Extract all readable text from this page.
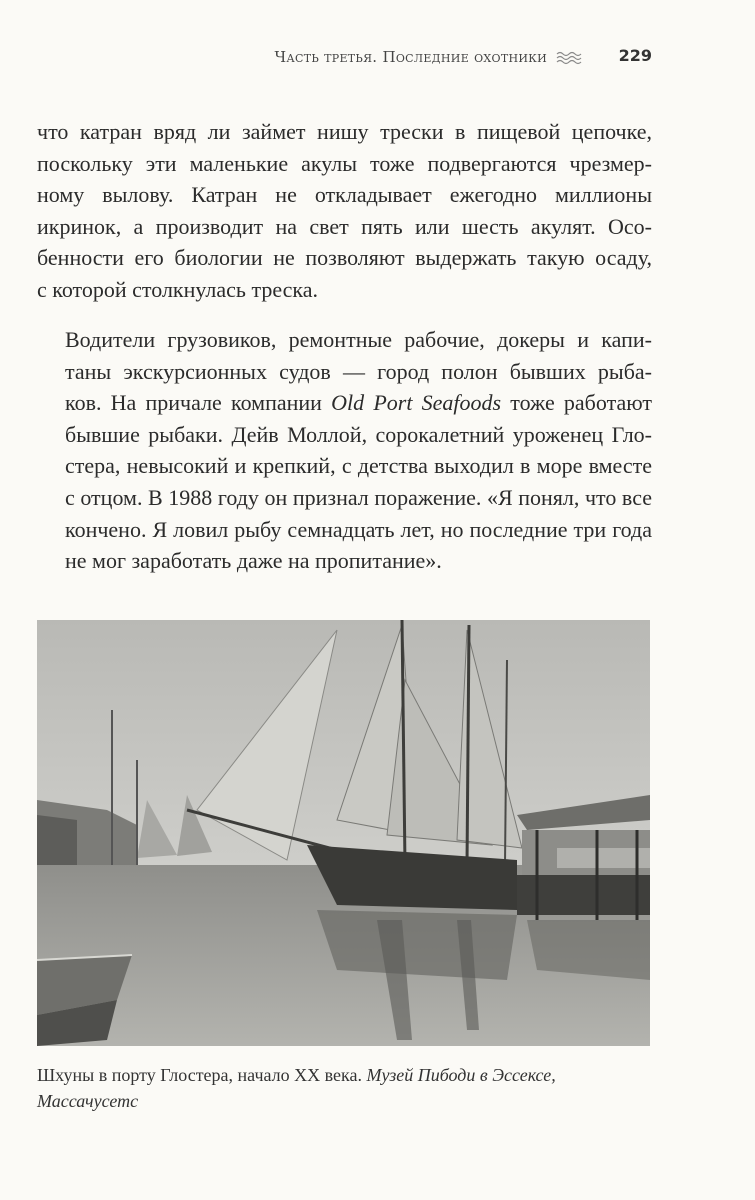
Часть третья. Последние охотники	229

что катран вряд ли займет нишу трески в пищевой цепочке,
поскольку эти маленькие акулы тоже подвергаются чрезмер-
ному вылову. Катран не откладывает ежегодно миллионы
икринок, а производит на свет пять или шесть акулят. Осо-
бенности его биологии не позволяют выдержать такую осаду,
с которой столкнулась треска.

Водители грузовиков, ремонтные рабочие, докеры и капи-
таны экскурсионных судов — город полон бывших рыба-
ков. На причале компании Old Port Seafoods тоже работают
бывшие рыбаки. Дейв Моллой, сорокалетний уроженец Гло-
стера, невысокий и крепкий, с детства выходил в море вместе
с отцом. В 1988 году он признал поражение. «Я понял, что все
кончено. Я ловил рыбу семнадцать лет, но последние три года
не мог заработать даже на пропитание».

Шхуны в порту Глостера, начало XX века. Музей Пибоди в Эссексе, Массачусетс
